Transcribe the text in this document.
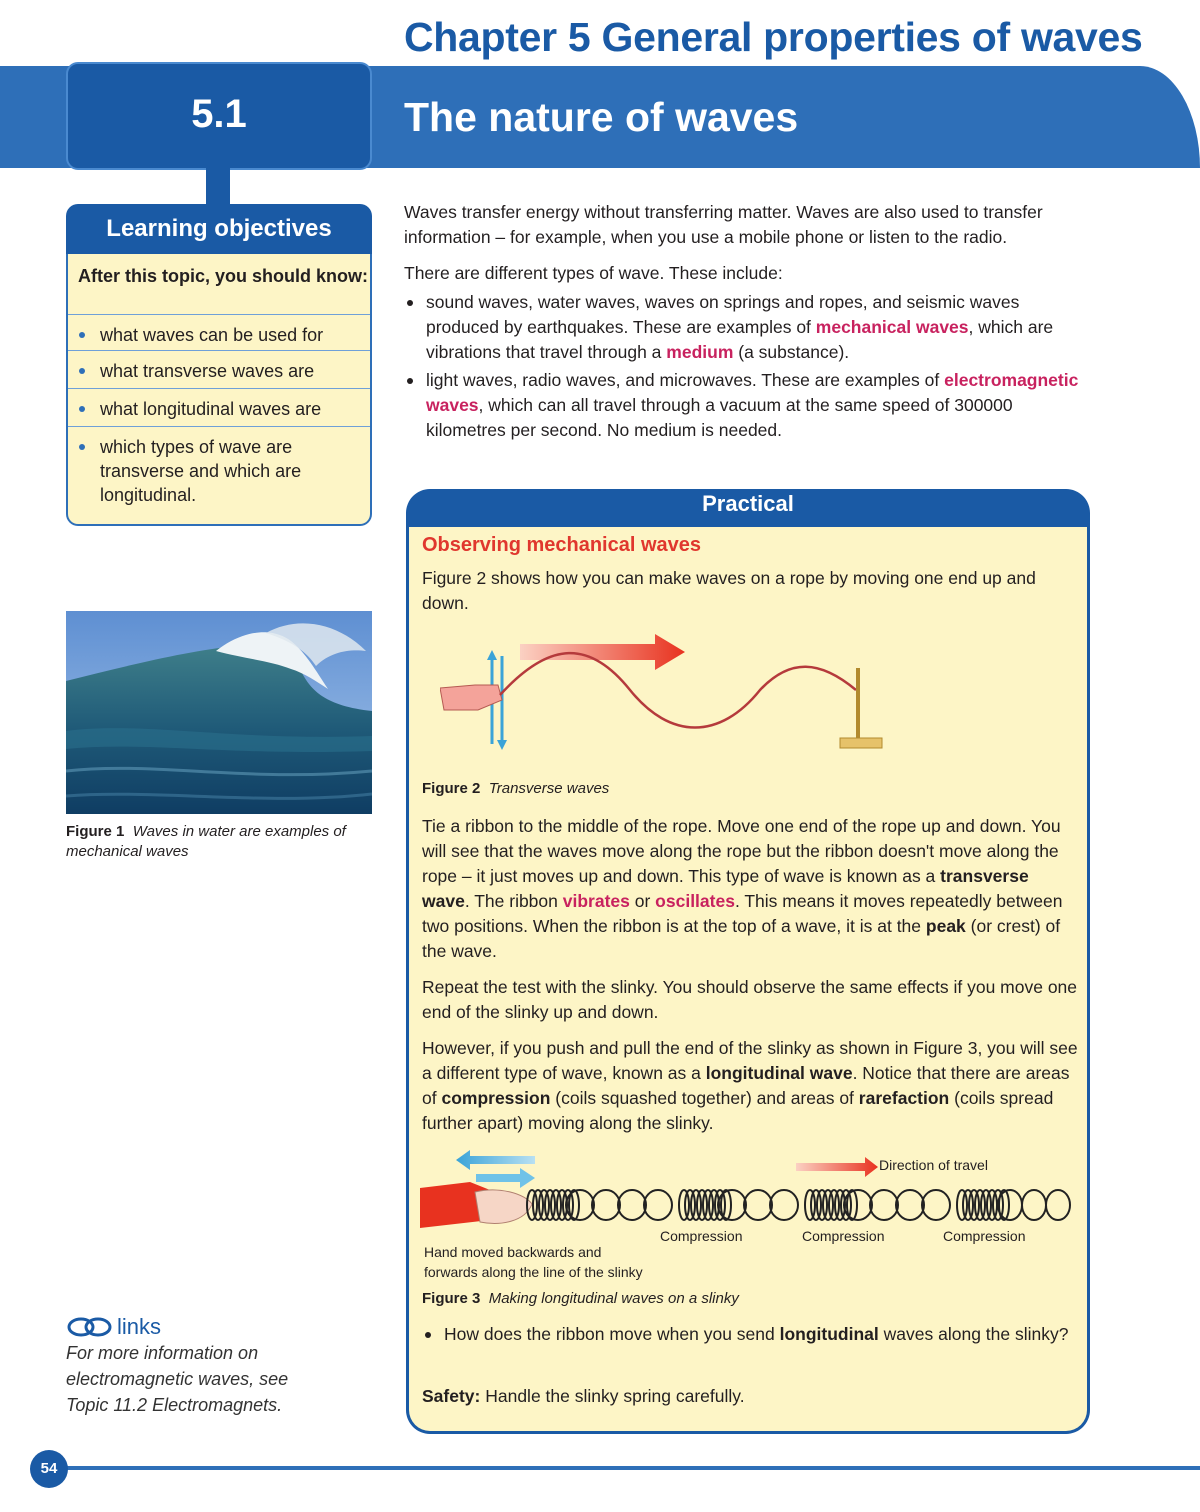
Chapter 5 General properties of waves
5.1	The nature of waves
Learning objectives
After this topic, you should know:
what waves can be used for
what transverse waves are
what longitudinal waves are
which types of wave are transverse and which are longitudinal.
Figure 1 Waves in water are examples of mechanical waves
links
For more information on electromagnetic waves, see Topic 11.2 Electromagnets.

Waves transfer energy without transferring matter. Waves are also used to transfer information – for example, when you use a mobile phone or listen to the radio.

There are different types of wave. These include:

sound waves, water waves, waves on springs and ropes, and seismic waves produced by earthquakes. These are examples of mechanical waves, which are vibrations that travel through a medium (a substance).
light waves, radio waves, and microwaves. These are examples of electromagnetic waves, which can all travel through a vacuum at the same speed of 300000 kilometres per second. No medium is needed.
Practical
Observing mechanical waves
Figure 2 shows how you can make waves on a rope by moving one end up and down.
Figure 2 Transverse waves

Tie a ribbon to the middle of the rope. Move one end of the rope up and down. You will see that the waves move along the rope but the ribbon doesn't move along the rope – it just moves up and down. This type of wave is known as a transverse wave. The ribbon vibrates or oscillates. This means it moves repeatedly between two positions. When the ribbon is at the top of a wave, it is at the peak (or crest) of the wave.

Repeat the test with the slinky. You should observe the same effects if you move one end of the slinky up and down.

However, if you push and pull the end of the slinky as shown in Figure 3, you will see a different type of wave, known as a longitudinal wave. Notice that there are areas of compression (coils squashed together) and areas of rarefaction (coils spread further apart) moving along the slinky.

Direction of travel
Compression	Compression	Compression
Hand moved backwards and
forwards along the line of the slinky
Figure 3 Making longitudinal waves on a slinky
How does the ribbon move when you send longitudinal waves along the slinky?
Safety: Handle the slinky spring carefully.
54
